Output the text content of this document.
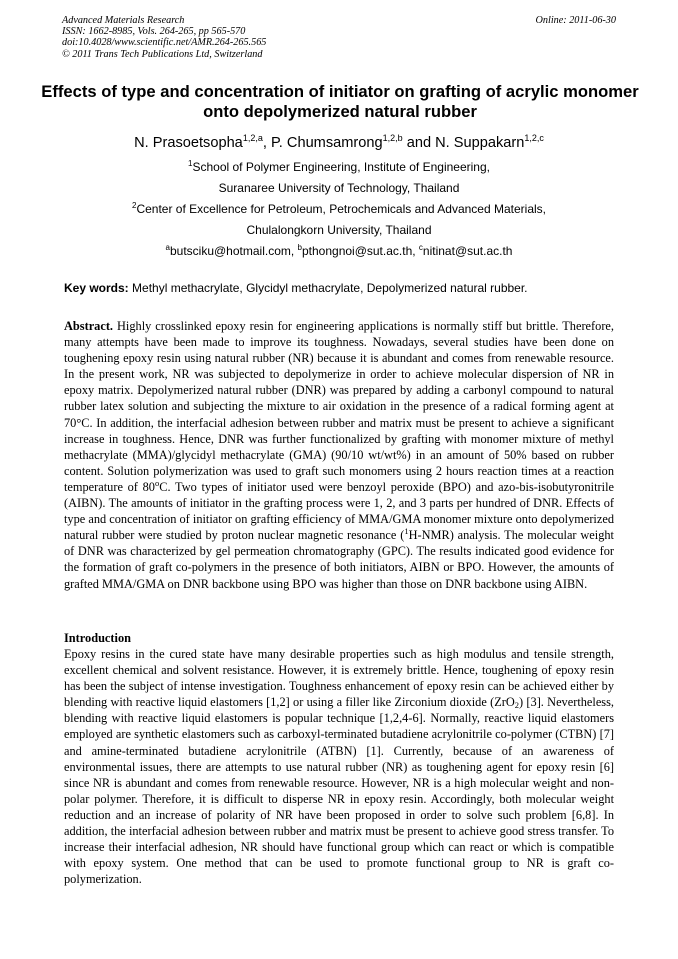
Advanced Materials Research
ISSN: 1662-8985, Vols. 264-265, pp 565-570
doi:10.4028/www.scientific.net/AMR.264-265.565
© 2011 Trans Tech Publications Ltd, Switzerland
Online: 2011-06-30
Effects of type and concentration of initiator on grafting of acrylic monomer onto depolymerized natural rubber
N. Prasoetsopha$^{1,2,a}$, P. Chumsamrong$^{1,2,b}$ and N. Suppakarn$^{1,2,c}$
$^1$School of Polymer Engineering, Institute of Engineering,
Suranaree University of Technology, Thailand
$^2$Center of Excellence for Petroleum, Petrochemicals and Advanced Materials,
Chulalongkorn University, Thailand
$^a$butsciku@hotmail.com, $^b$pthongnoi@sut.ac.th, $^c$nitinat@sut.ac.th
Key words: Methyl methacrylate, Glycidyl methacrylate, Depolymerized natural rubber.
Abstract. Highly crosslinked epoxy resin for engineering applications is normally stiff but brittle. Therefore, many attempts have been made to improve its toughness. Nowadays, several studies have been done on toughening epoxy resin using natural rubber (NR) because it is abundant and comes from renewable resource. In the present work, NR was subjected to depolymerize in order to achieve molecular dispersion of NR in epoxy matrix. Depolymerized natural rubber (DNR) was prepared by adding a carbonyl compound to natural rubber latex solution and subjecting the mixture to air oxidation in the presence of a radical forming agent at 70°C. In addition, the interfacial adhesion between rubber and matrix must be present to achieve a significant increase in toughness. Hence, DNR was further functionalized by grafting with monomer mixture of methyl methacrylate (MMA)/glycidyl methacrylate (GMA) (90/10 wt/wt%) in an amount of 50% based on rubber content. Solution polymerization was used to graft such monomers using 2 hours reaction times at a reaction temperature of 80$^o$C. Two types of initiator used were benzoyl peroxide (BPO) and azo-bis-isobutyronitrile (AIBN). The amounts of initiator in the grafting process were 1, 2, and 3 parts per hundred of DNR. Effects of type and concentration of initiator on grafting efficiency of MMA/GMA monomer mixture onto depolymerized natural rubber were studied by proton nuclear magnetic resonance ($^1$H-NMR) analysis. The molecular weight of DNR was characterized by gel permeation chromatography (GPC). The results indicated good evidence for the formation of graft co-polymers in the presence of both initiators, AIBN or BPO. However, the amounts of grafted MMA/GMA on DNR backbone using BPO was higher than those on DNR backbone using AIBN.
Introduction
Epoxy resins in the cured state have many desirable properties such as high modulus and tensile strength, excellent chemical and solvent resistance. However, it is extremely brittle. Hence, toughening of epoxy resin has been the subject of intense investigation. Toughness enhancement of epoxy resin can be achieved either by blending with reactive liquid elastomers [1,2] or using a filler like Zirconium dioxide (ZrO$_2$) [3]. Nevertheless, blending with reactive liquid elastomers is popular technique [1,2,4-6]. Normally, reactive liquid elastomers employed are synthetic elastomers such as carboxyl-terminated butadiene acrylonitrile co-polymer (CTBN) [7] and amine-terminated butadiene acrylonitrile (ATBN) [1]. Currently, because of an awareness of environmental issues, there are attempts to use natural rubber (NR) as toughening agent for epoxy resin [6] since NR is abundant and comes from renewable resource. However, NR is a high molecular weight and non-polar polymer. Therefore, it is difficult to disperse NR in epoxy resin. Accordingly, both molecular weight reduction and an increase of polarity of NR have been proposed in order to solve such problem [6,8]. In addition, the interfacial adhesion between rubber and matrix must be present to achieve good stress transfer. To increase their interfacial adhesion, NR should have functional group which can react or which is compatible with epoxy system. One method that can be used to promote functional group to NR is graft co-polymerization.
